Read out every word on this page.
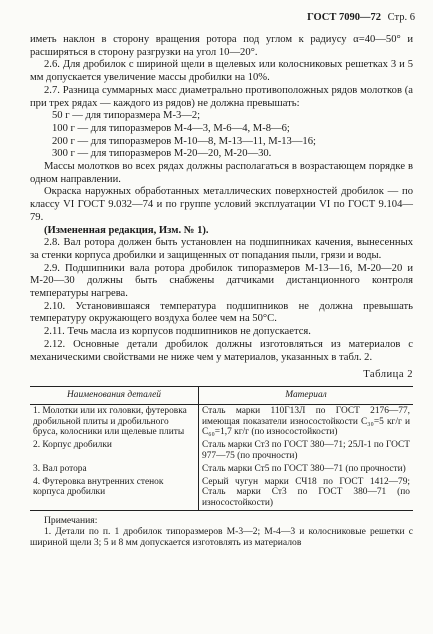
ГОСТ 7090—72 Стр. 6

иметь наклон в сторону вращения ротора под углом к радиусу α=40—50° и расширяться в сторону разгрузки на угол 10—20°.

2.6. Для дробилок с шириной щели в щелевых или колосниковых решетках 3 и 5 мм допускается увеличение массы дробилки на 10%.

2.7. Разница суммарных масс диаметрально противоположных рядов молотков (а при трех рядах — каждого из рядов) не должна превышать:

50 г — для типоразмера М-3—2;
100 г — для типоразмеров М-4—3, М-6—4, М-8—6;
200 г — для типоразмеров М-10—8, М-13—11, М-13—16;
300 г — для типоразмеров М-20—20, М-20—30.

Массы молотков во всех рядах должны располагаться в возрастающем порядке в одном направлении.

Окраска наружных обработанных металлических поверхностей дробилок — по классу VI ГОСТ 9.032—74 и по группе условий эксплуатации VI по ГОСТ 9.104—79.

(Измененная редакция, Изм. № 1).

2.8. Вал ротора должен быть установлен на подшипниках качения, вынесенных за стенки корпуса дробилки и защищенных от попадания пыли, грязи и воды.

2.9. Подшипники вала ротора дробилок типоразмеров М-13—16, М-20—20 и М-20—30 должны быть снабжены датчиками дистанционного контроля температуры нагрева.

2.10. Установившаяся температура подшипников не должна превышать температуру окружающего воздуха более чем на 50°С.

2.11. Течь масла из корпусов подшипников не допускается.

2.12. Основные детали дробилок должны изготовляться из материалов с механическими свойствами не ниже чем у материалов, указанных в табл. 2.

Таблица 2
Наименования деталей	Материал
1. Молотки или их головки, футеровка дробильной плиты и дробильного бруса, колосники или щелевые плиты	Сталь марки 110Г13Л по ГОСТ 2176—77, имеющая показатели износостойкости С₃₀=5 кг/г и С₆₀=1,7 кг/г (по износостойкости)
2. Корпус дробилки	Сталь марки Ст3 по ГОСТ 380—71; 25Л-1 по ГОСТ 977—75 (по прочности)
3. Вал ротора	Сталь марки Ст5 по ГОСТ 380—71 (по прочности)
4. Футеровка внутренних стенок корпуса дробилки	Серый чугун марки СЧ18 по ГОСТ 1412—79; Сталь марки Ст3 по ГОСТ 380—71 (по износостойкости)
Примечания:

1. Детали по п. 1 дробилок типоразмеров М-3—2; М-4—3 и колосниковые решетки с шириной щели 3; 5 и 8 мм допускается изготовлять из материалов
